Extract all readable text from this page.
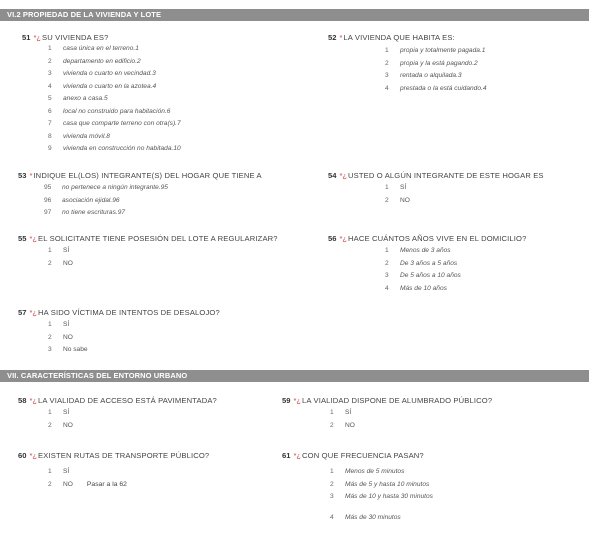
VI.2 PROPIEDAD DE LA VIVIENDA Y LOTE
VII. CARACTERÍSTICAS DEL ENTORNO URBANO
51 *¿SU VIVIENDA ES?
1 casa única en el terreno.1
2 departamento en edificio.2
3 vivienda o cuarto en vecindad.3
4 vivienda o cuarto en la azotea.4
5 anexo a casa.5
6 local no construido para habitación.6
7 casa que comparte terreno con otra(s).7
8 vivienda móvil.8
9 vivienda en construcción no habitada.10
52 *LA VIVIENDA QUE HABITA ES:
1 propia y totalmente pagada.1
2 propia y la está pagando.2
3 rentada o alquilada.3
4 prestada o la está cuidando.4
53 *INDIQUE EL(LOS) INTEGRANTE(S) DEL HOGAR QUE TIENE A
95 no pertenece a ningún integrante.95
96 asociación ejidal.96
97 no tiene escrituras.97
54 *¿USTED O ALGÚN INTEGRANTE DE ESTE HOGAR ES
1 SÍ
2 NO
55 *¿EL SOLICITANTE TIENE POSESIÓN DEL LOTE A REGULARIZAR?
1 SÍ
2 NO
56 *¿HACE CUÁNTOS AÑOS VIVE EN EL DOMICILIO?
1 Menos de 3 años
2 De 3 años a 5 años
3 De 5 años a 10 años
4 Más de 10 años
57 *¿HA SIDO VÍCTIMA DE INTENTOS DE DESALOJO?
1 SÍ
2 NO
3 No sabe
58 *¿LA VIALIDAD DE ACCESO ESTÁ PAVIMENTADA?
1 SÍ
2 NO
59 *¿LA VIALIDAD DISPONE DE ALUMBRADO PÚBLICO?
1 SÍ
2 NO
60 *¿EXISTEN RUTAS DE TRANSPORTE PÚBLICO?
1 SÍ
2 NO Pasar a la 62
61 *¿CON QUE FRECUENCIA PASAN?
1 Menos de 5 minutos
2 Más de 5 y hasta 10 minutos
3 Más de 10 y hasta 30 minutos
4 Más de 30 minutos
